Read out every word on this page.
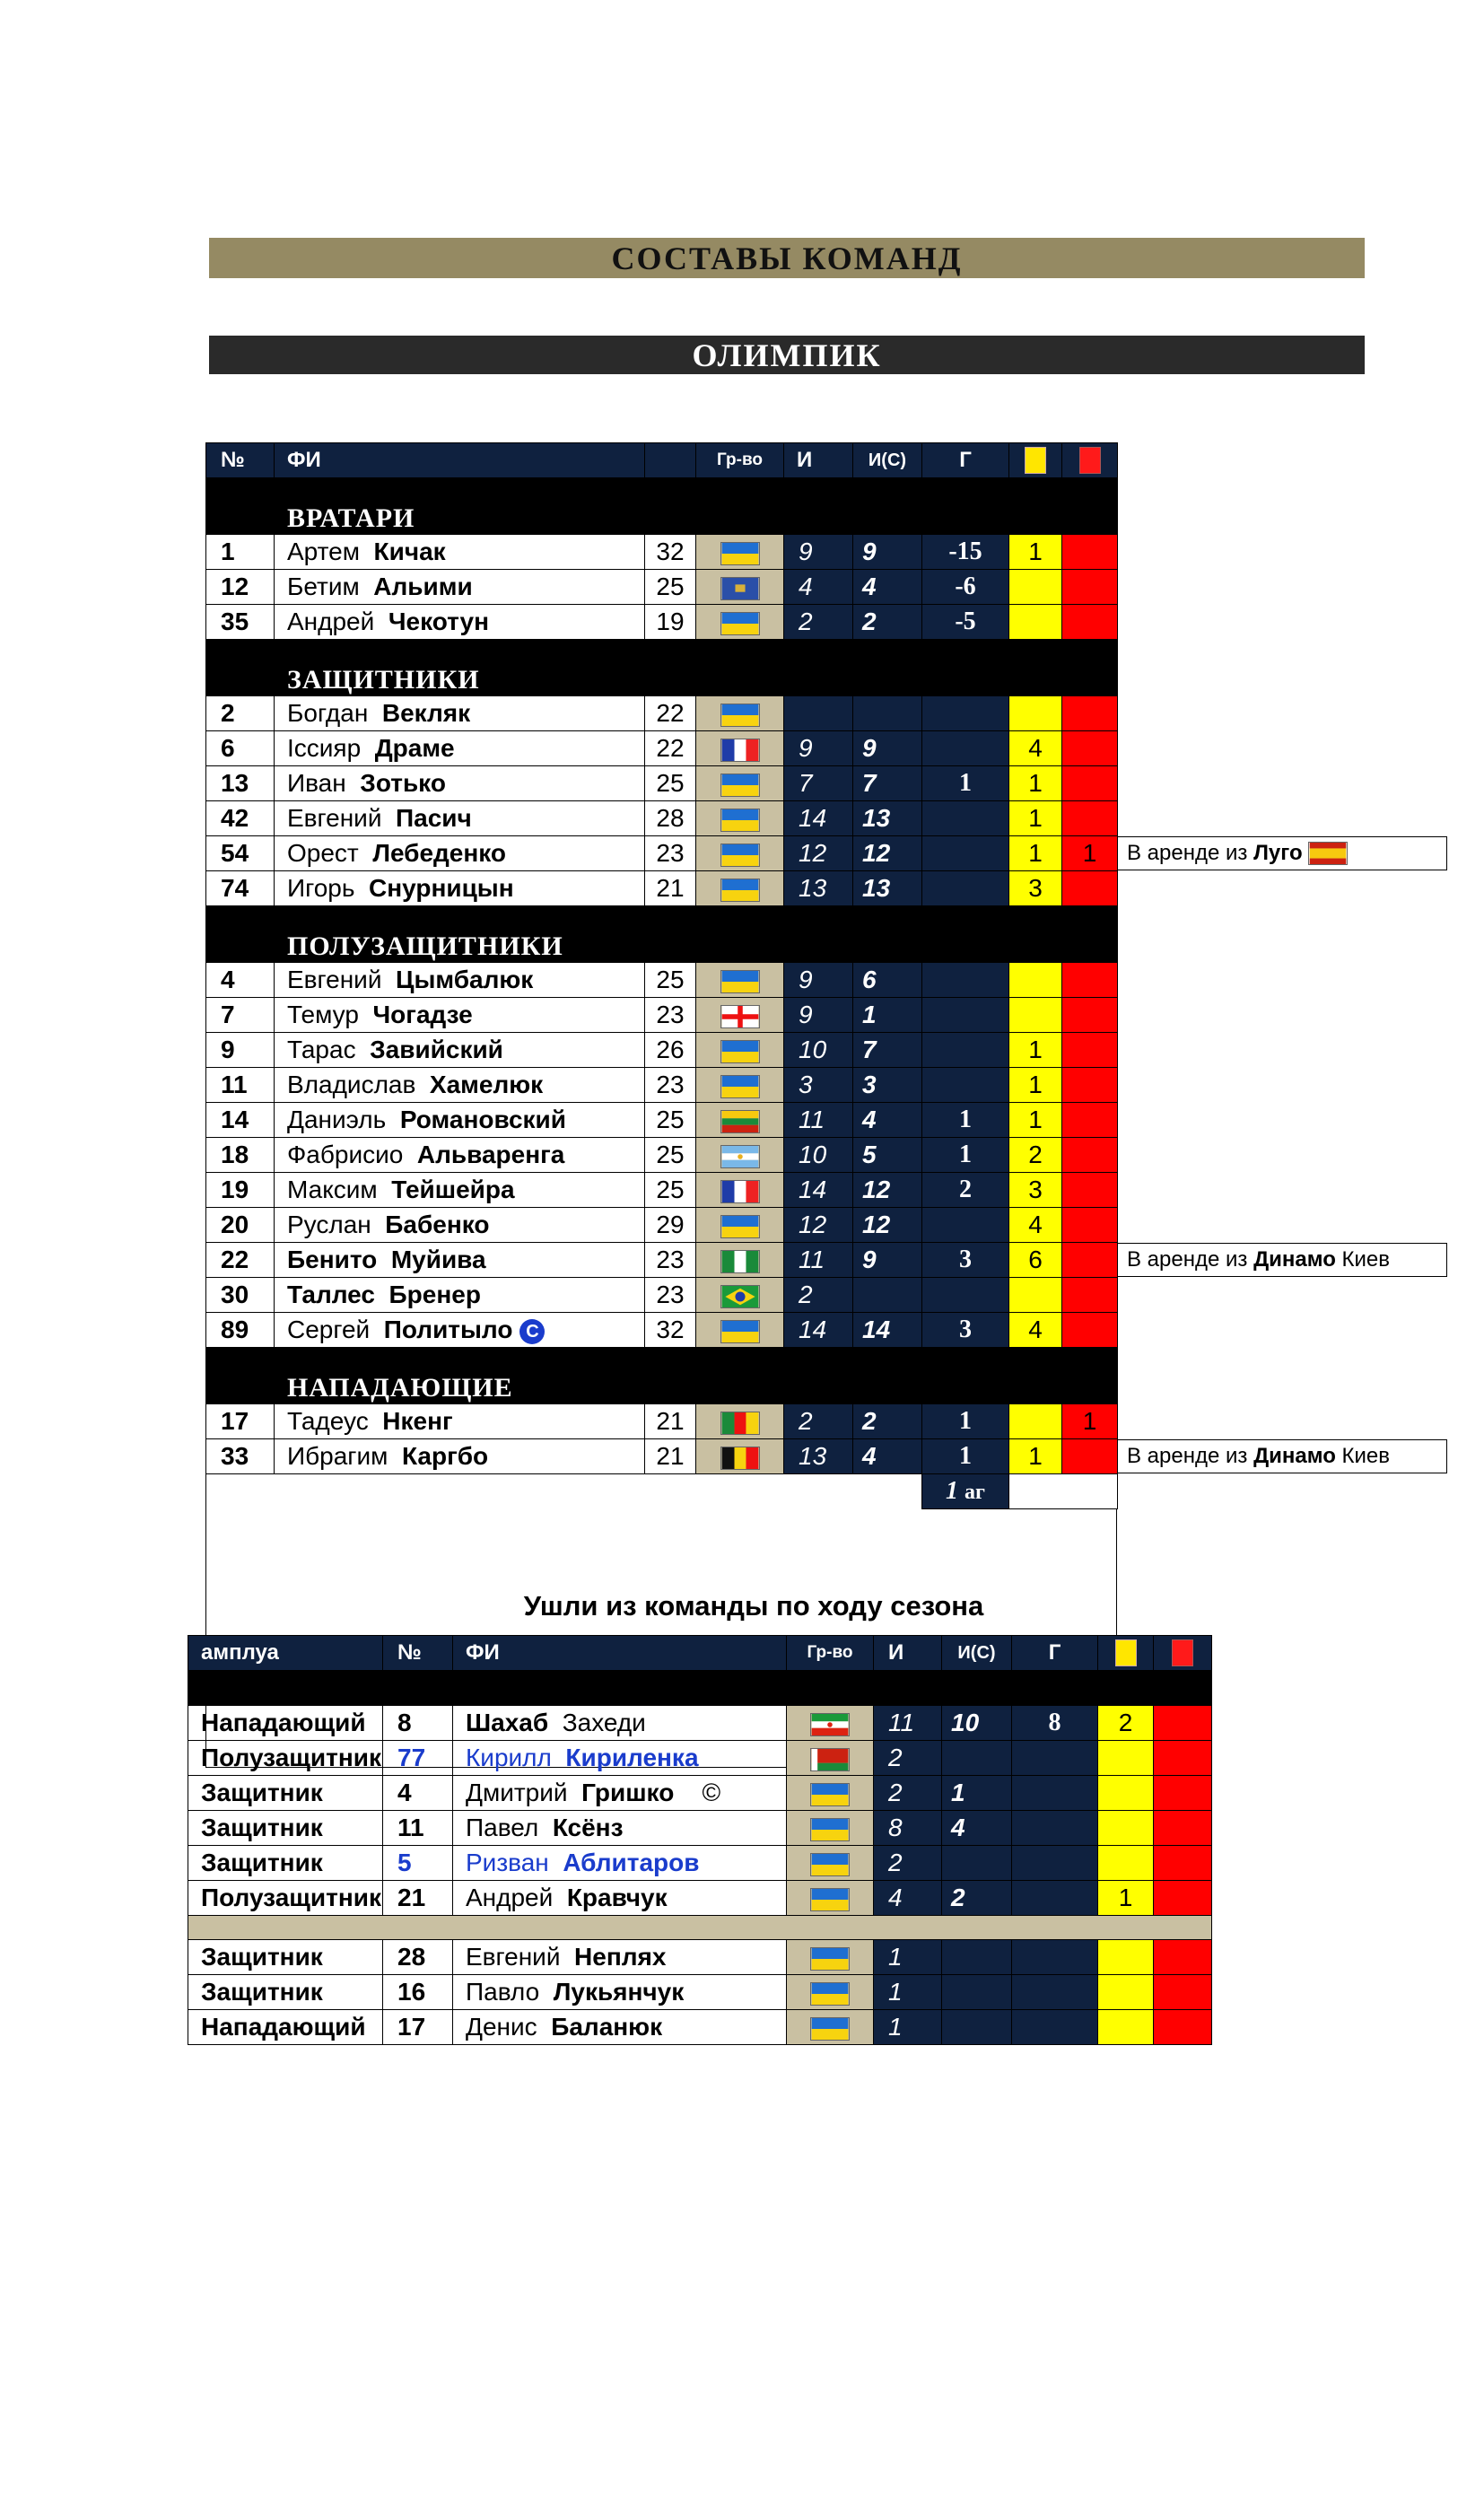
СОСТАВЫ КОМАНД
ОЛИМПИК
№	ФИ		Гр-во	И	И(С)	Г		
	ВРАТАРИ							
1	Артем Кичак	32		9	9	-15	1	
12	Бетим Альими	25		4	4	-6		
35	Андрей Чекотун	19		2	2	-5		
	ЗАЩИТНИКИ							
2	Богдан Векляк	22						
6	Іссияр Драме	22		9	9		4	
13	Иван Зотько	25		7	7	1	1	
42	Евгений Пасич	28		14	13		1	
54	Орест Лебеденко	23		12	12		1	1
74	Игорь Снурницын	21		13	13		3	
	ПОЛУЗАЩИТНИКИ							
4	Евгений Цымбалюк	25		9	6			
7	Темур Чогадзе	23		9	1			
9	Тарас Завийский	26		10	7		1	
11	Владислав Хамелюк	23		3	3		1	
14	Даниэль Романовский	25		11	4	1	1	
18	Фабрисио Альваренга	25		10	5	1	2	
19	Максим Тейшейра	25		14	12	2	3	
20	Руслан Бабенко	29		12	12		4	
22	Бенито Муйива	23		11	9	3	6	
30	Таллес Бренер	23		2				
89	Сергей Политыло C	32		14	14	3	4	
	НАПАДАЮЩИЕ							
17	Тадеус Нкенг	21		2	2	1		1
33	Ибрагим Каргбо	21		13	4	1	1	
						1 аг		
В аренде из Луго
В аренде из Динамо Киев
В аренде из Динамо Киев
Ушли из команды по ходу сезона
амплуа	№	ФИ	Гр-во	И	И(С)	Г		

Нападающий	8	Шахаб Захеди		11	10	8	2	
Полузащитник	77	Кирилл Кириленка		2				
Защитник	4	Дмитрий Гришко ©		2	1			
Защитник	11	Павел Ксёнз		8	4			
Защитник	5	Ризван Аблитаров		2				
Полузащитник	21	Андрей Кравчук		4	2		1	

Защитник	28	Евгений Неплях		1				
Защитник	16	Павло Лукьянчук		1				
Нападающий	17	Денис Баланюк		1				
